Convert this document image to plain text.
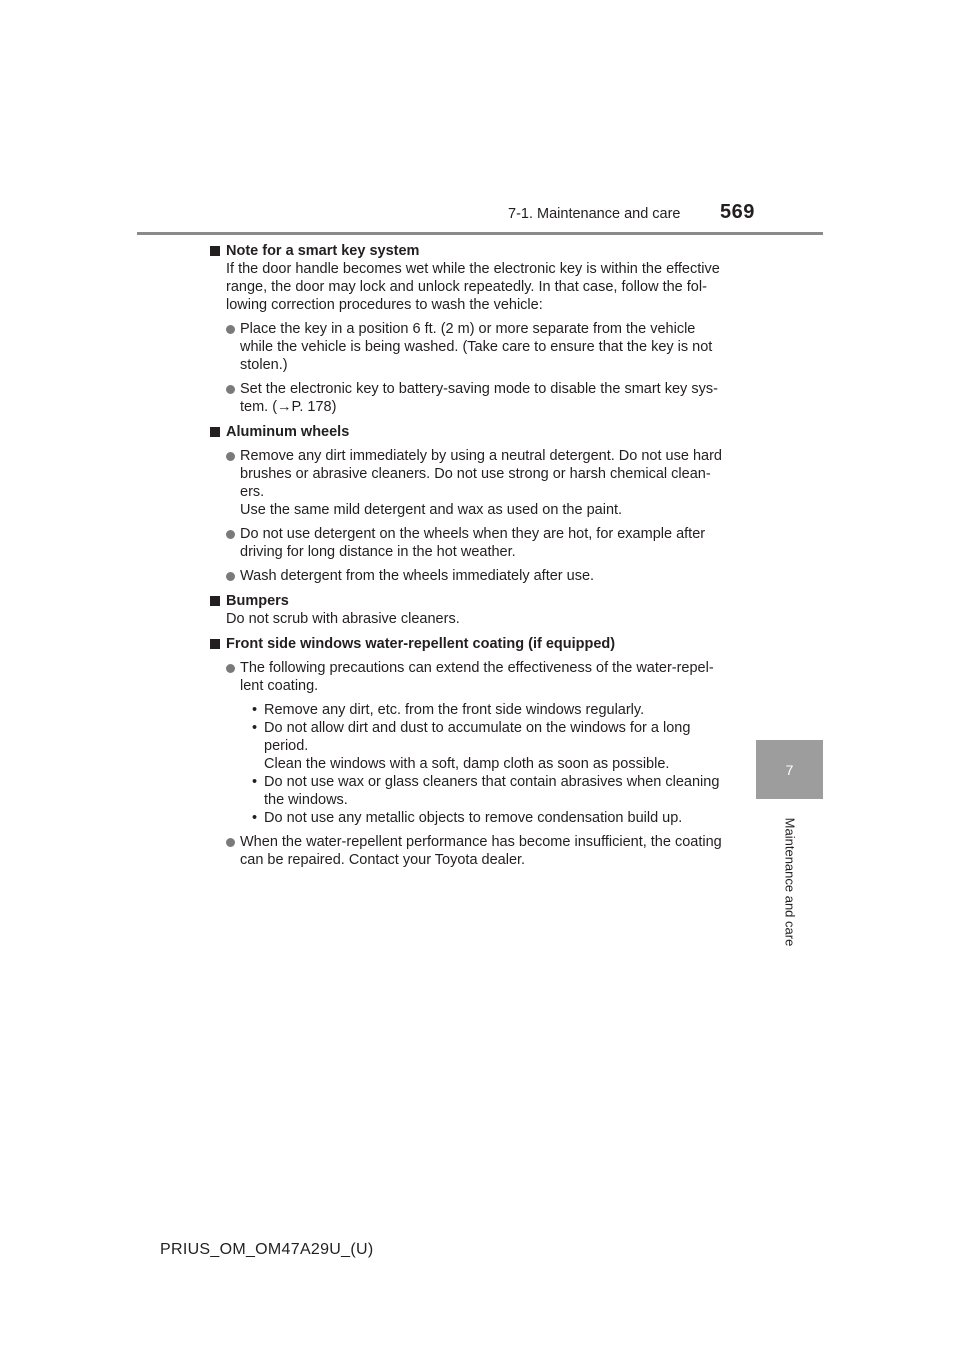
7-1. Maintenance and care 569
7
Maintenance and care
Note for a smart key system
If the door handle becomes wet while the electronic key is within the effective
range, the door may lock and unlock repeatedly. In that case, follow the fol-
lowing correction procedures to wash the vehicle:
Place the key in a position 6 ft. (2 m) or more separate from the vehicle
while the vehicle is being washed. (Take care to ensure that the key is not
stolen.)
Set the electronic key to battery-saving mode to disable the smart key sys-
tem. (→P. 178)
Aluminum wheels
Remove any dirt immediately by using a neutral detergent. Do not use hard
brushes or abrasive cleaners. Do not use strong or harsh chemical clean-
ers.
Use the same mild detergent and wax as used on the paint.
Do not use detergent on the wheels when they are hot, for example after
driving for long distance in the hot weather.
Wash detergent from the wheels immediately after use.
Bumpers
Do not scrub with abrasive cleaners.
Front side windows water-repellent coating (if equipped)
The following precautions can extend the effectiveness of the water-repel-
lent coating.
• Remove any dirt, etc. from the front side windows regularly.
• Do not allow dirt and dust to accumulate on the windows for a long
period.
Clean the windows with a soft, damp cloth as soon as possible.
• Do not use wax or glass cleaners that contain abrasives when cleaning
the windows.
• Do not use any metallic objects to remove condensation build up.
When the water-repellent performance has become insufficient, the coating
can be repaired. Contact your Toyota dealer.
PRIUS_OM_OM47A29U_(U)
